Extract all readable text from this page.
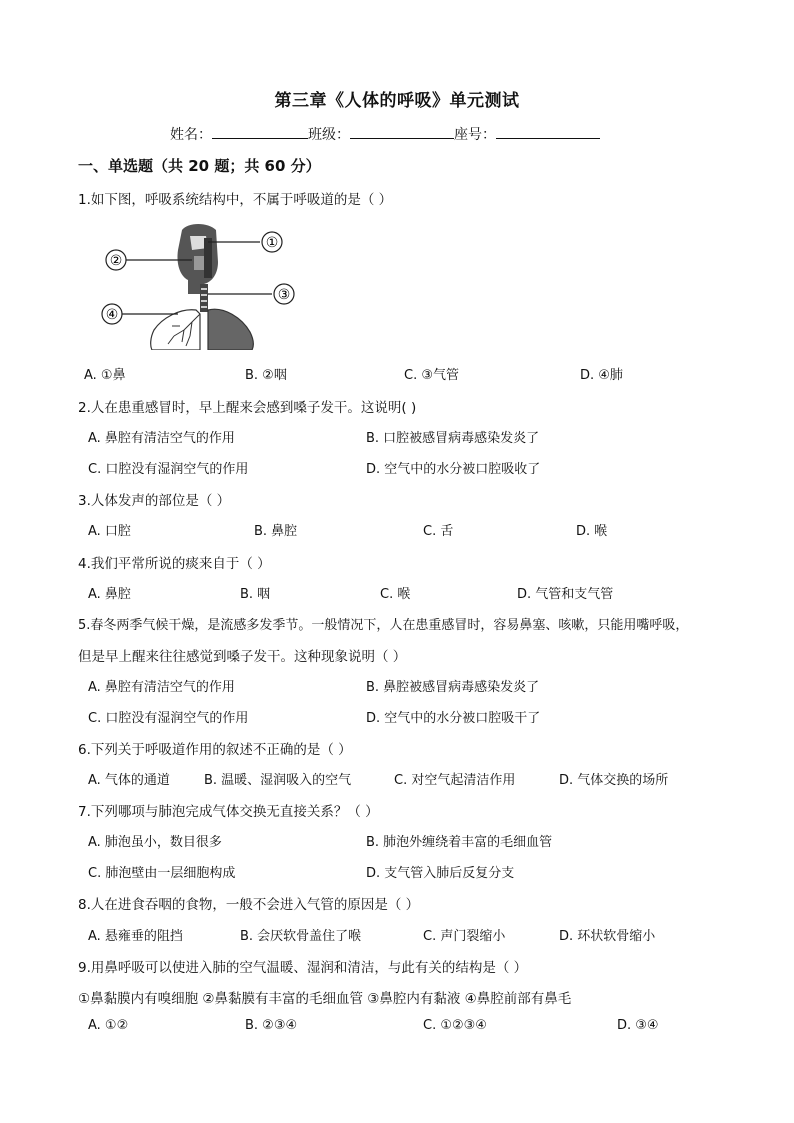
第三章《人体的呼吸》单元测试
姓名：	班级：	座号：
一、单选题（共 20 题；共 60 分）
1.如下图，呼吸系统结构中，不属于呼吸道的是（ ）
①
②
③
④
A. ①鼻	B. ②咽	C. ③气管	D. ④肺
2.人在患重感冒时，早上醒来会感到嗓子发干。这说明( )
A. 鼻腔有清洁空气的作用	B. 口腔被感冒病毒感染发炎了
C. 口腔没有湿润空气的作用	D. 空气中的水分被口腔吸收了
3.人体发声的部位是（ ）
A. 口腔	B. 鼻腔	C. 舌	D. 喉
4.我们平常所说的痰来自于（ ）
A. 鼻腔	B. 咽	C. 喉	D. 气管和支气管
5.春冬两季气候干燥，是流感多发季节。一般情况下，人在患重感冒时，容易鼻塞、咳嗽，只能用嘴呼吸，
但是早上醒来往往感觉到嗓子发干。这种现象说明（ ）
A. 鼻腔有清洁空气的作用	B. 鼻腔被感冒病毒感染发炎了
C. 口腔没有湿润空气的作用	D. 空气中的水分被口腔吸干了
6.下列关于呼吸道作用的叙述不正确的是（ ）
A. 气体的通道	B. 温暖、湿润吸入的空气	C. 对空气起清洁作用	D. 气体交换的场所
7.下列哪项与肺泡完成气体交换无直接关系？（ ）
A. 肺泡虽小，数目很多	B. 肺泡外缠绕着丰富的毛细血管
C. 肺泡壁由一层细胞构成	D. 支气管入肺后反复分支
8.人在进食吞咽的食物，一般不会进入气管的原因是（ ）
A. 悬雍垂的阻挡	B. 会厌软骨盖住了喉	C. 声门裂缩小	D. 环状软骨缩小
9.用鼻呼吸可以使进入肺的空气温暖、湿润和清洁，与此有关的结构是（ ）
①鼻黏膜内有嗅细胞 ②鼻黏膜有丰富的毛细血管 ③鼻腔内有黏液 ④鼻腔前部有鼻毛
A. ①②	B. ②③④	C. ①②③④	D. ③④
